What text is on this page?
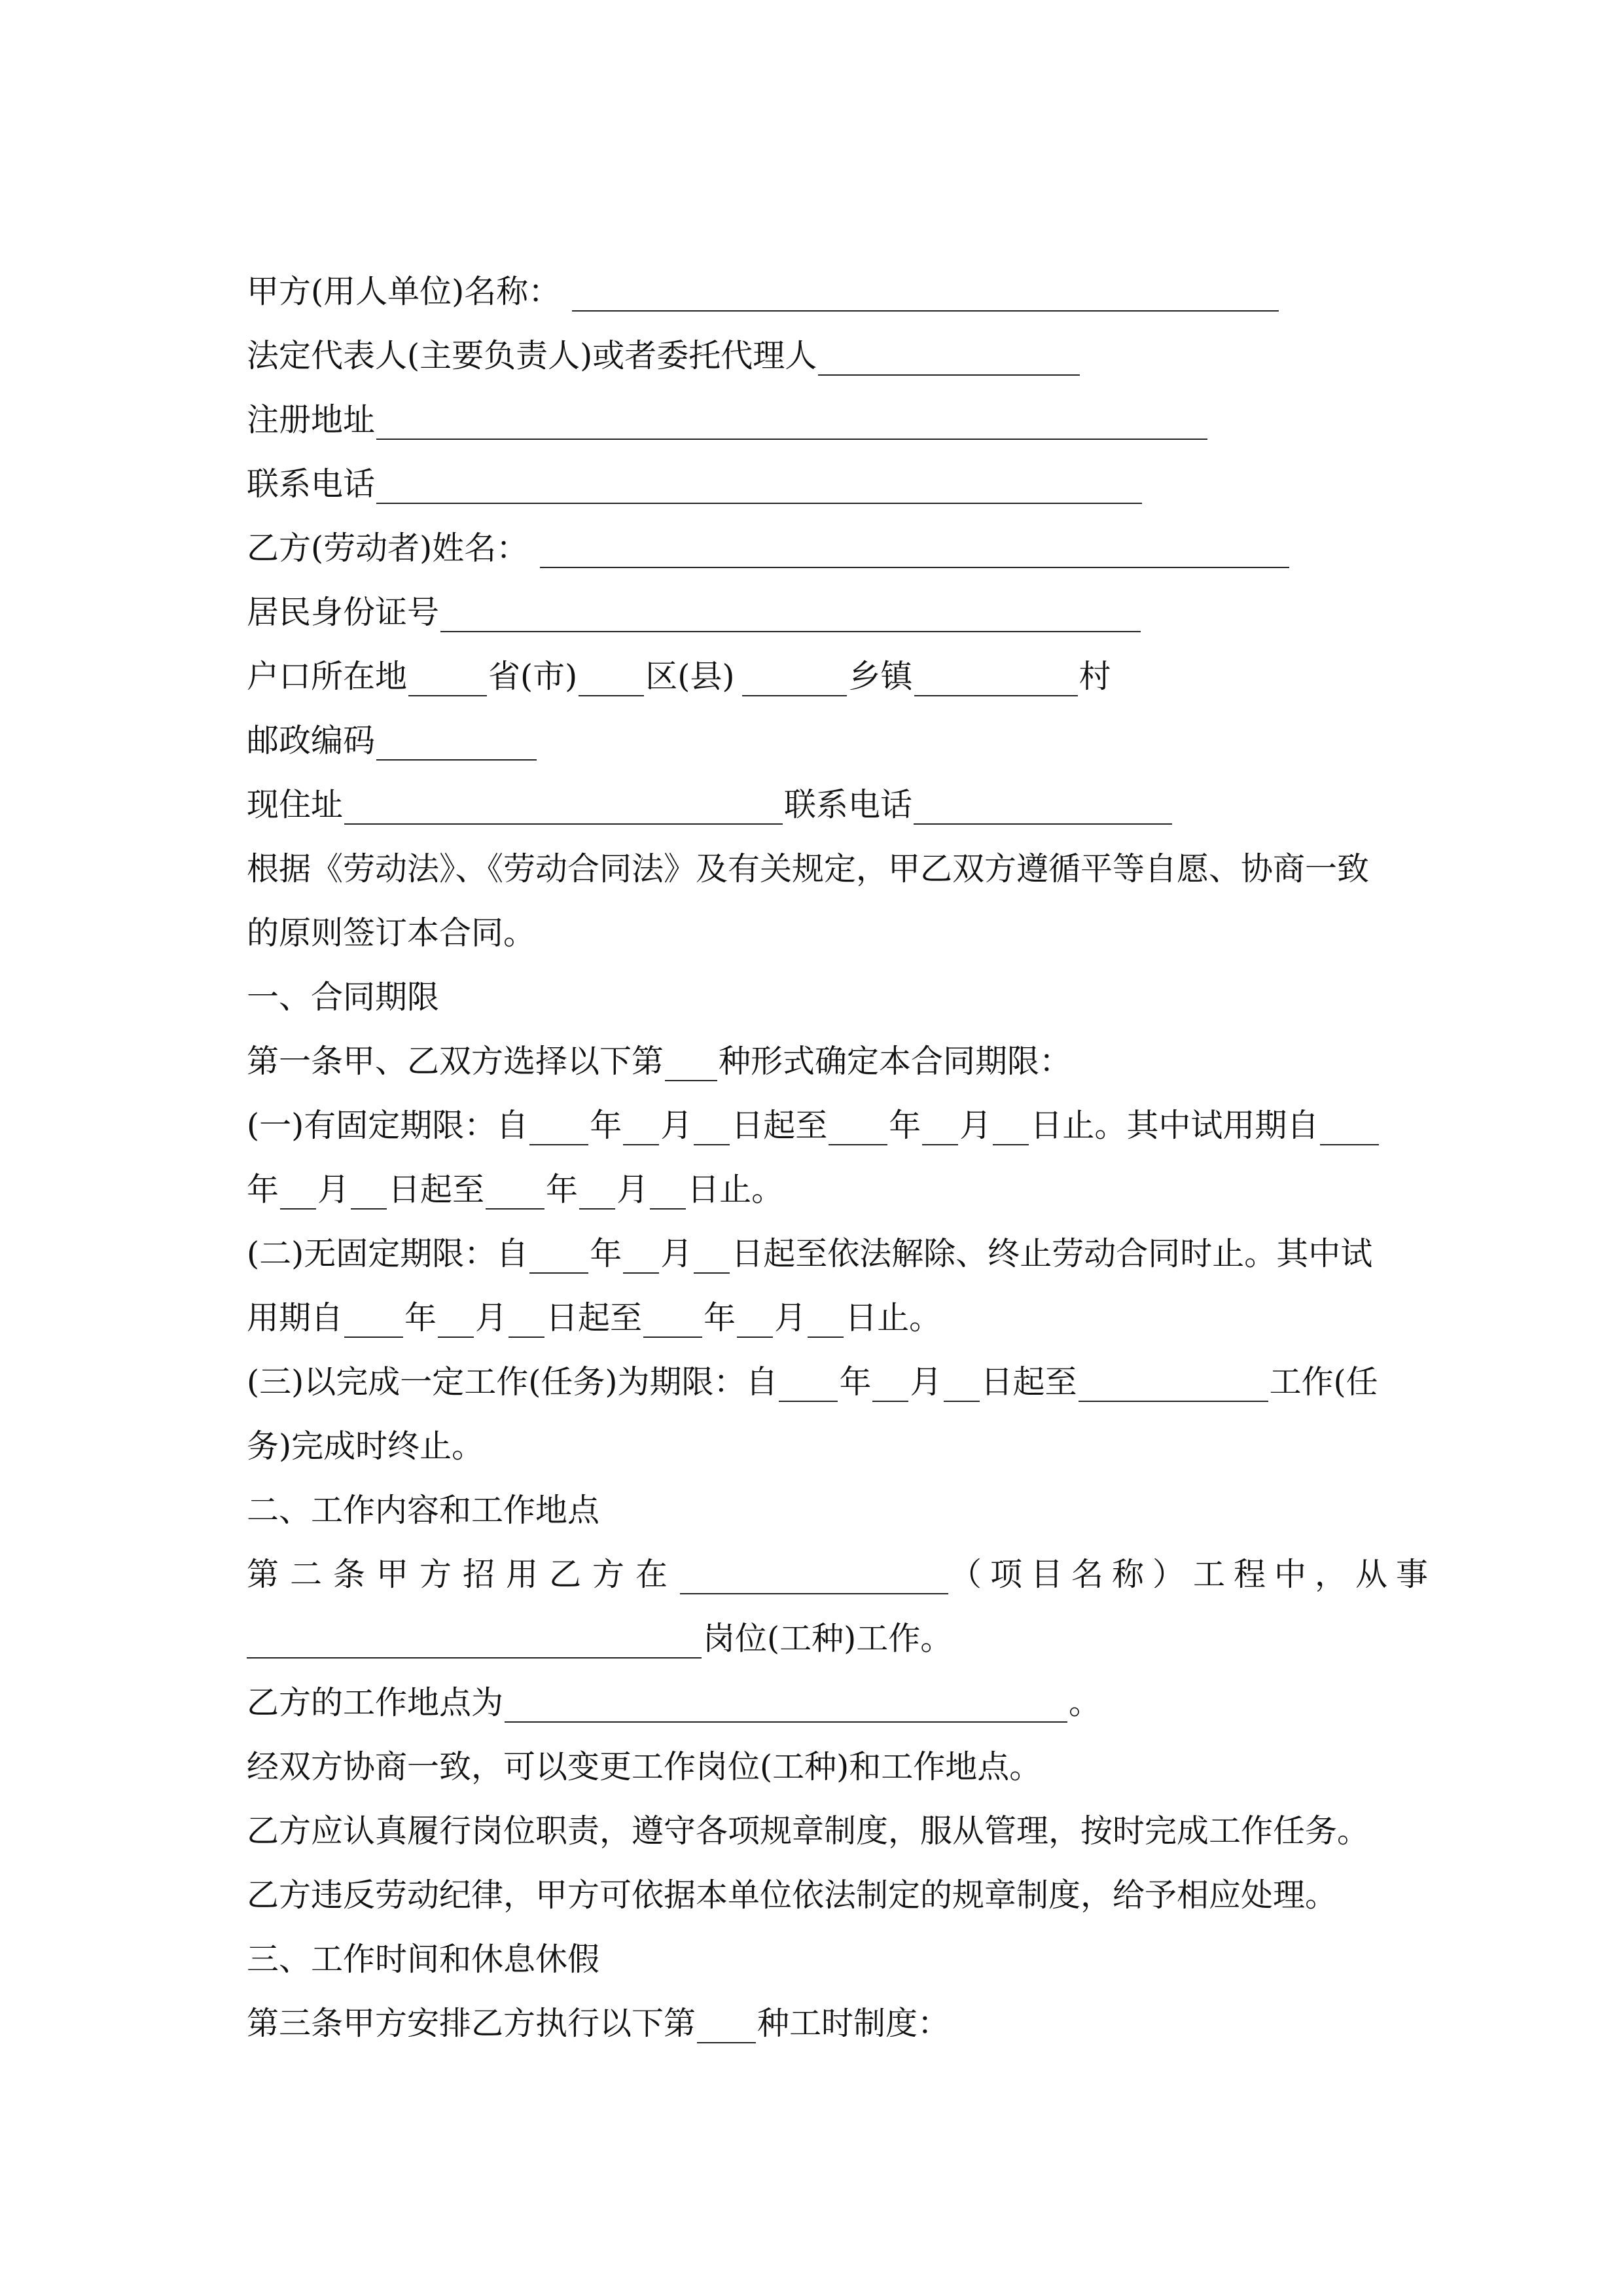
甲方(用人单位)名称：
法定代表人(主要负责人)或者委托代理人
注册地址
联系电话
乙方(劳动者)姓名：
居民身份证号
户口所在地	省(市) 区(县)	乡镇	村
邮政编码
现住址	联系电话
根据《劳动法》、《劳动合同法》及有关规定，甲乙双方遵循平等自愿、协商一致
的原则签订本合同。
一、合同期限
第一条甲、乙双方选择以下第 种形式确定本合同期限：
(一)有固定期限：自 年 月 日起至 年 月 日止。其中试用期自
年 月 日起至 年 月 日止。
(二)无固定期限：自 年 月 日起至依法解除、终止劳动合同时止。其中试
用期自 年 月 日起至 年 月 日止。
(三)以完成一定工作(任务)为期限：自 年 月 日起至	工作(任
务)完成时终止。
二、工作内容和工作地点
第二条甲方招用乙方在	（项目名称）工程中，从事
岗位(工种)工作。
乙方的工作地点为	。
经双方协商一致，可以变更工作岗位(工种)和工作地点。
乙方应认真履行岗位职责，遵守各项规章制度，服从管理，按时完成工作任务。
乙方违反劳动纪律，甲方可依据本单位依法制定的规章制度，给予相应处理。
三、工作时间和休息休假
第三条甲方安排乙方执行以下第 种工时制度：
